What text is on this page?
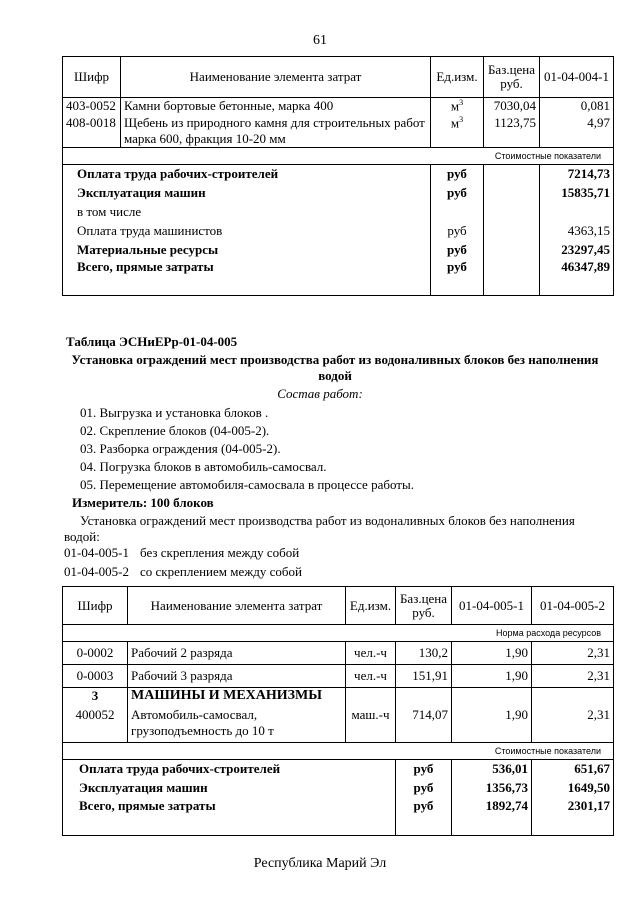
61
Шифр	Наименование элемента затрат	Ед.изм.	Баз.цена руб.	01-04-004-1
403-0052	Камни бортовые бетонные, марка 400	$м^3$	7030,04	0,081
408-0018	Щебень из природного камня для строительных работ
марка 600, фракция 10-20 мм	$м^3$	1123,75	4,97
Стоимостные показатели				
Оплата труда рабочих-строителей		руб		7214,73
Эксплуатация машин		руб		15835,71
в том числе				
Оплата труда машинистов		руб		4363,15
Материальные ресурсы		руб		23297,45
Всего, прямые затраты		руб		46347,89
Таблица ЭСНиЕРр-01-04-005
Установка ограждений мест производства работ из водоналивных блоков без наполнения
водой
Состав работ:
01. Выгрузка и установка блоков .
02. Скрепление блоков (04-005-2).
03. Разборка ограждения (04-005-2).
04. Погрузка блоков в автомобиль-самосвал.
05. Перемещение автомобиля-самосвала в процессе работы.
Измеритель: 100 блоков
Установка ограждений мест производства работ из водоналивных блоков без наполнения
водой:
01-04-005-1 без скрепления между собой
01-04-005-2 со скреплением между собой
Шифр	Наименование элемента затрат	Ед.изм.	Баз.цена руб.	01-04-005-1	01-04-005-2
Норма расхода ресурсов					
0-0002	Рабочий 2 разряда	чел.-ч	130,2	1,90	2,31
0-0003	Рабочий 3 разряда	чел.-ч	151,91	1,90	2,31
3	МАШИНЫ И МЕХАНИЗМЫ				
400052	Автомобиль-самосвал,
грузоподъемность до 10 т	маш.-ч	714,07	1,90	2,31
Стоимостные показатели					
Оплата труда рабочих-строителей			руб	536,01	651,67
Эксплуатация машин			руб	1356,73	1649,50
Всего, прямые затраты			руб	1892,74	2301,17
Республика Марий Эл
